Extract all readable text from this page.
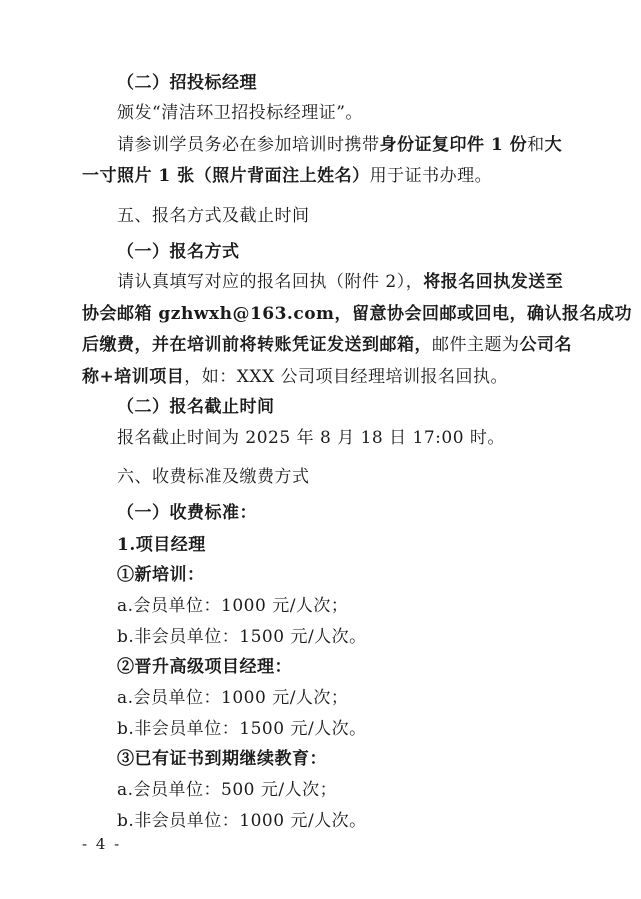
（二）招投标经理
颁发“清洁环卫招投标经理证”。
请参训学员务必在参加培训时携带身份证复印件 1 份和大
一寸照片 1 张（照片背面注上姓名）用于证书办理。
五、报名方式及截止时间
（一）报名方式
请认真填写对应的报名回执（附件 2），将报名回执发送至
协会邮箱 gzhwxh@163.com，留意协会回邮或回电，确认报名成功
后缴费，并在培训前将转账凭证发送到邮箱，邮件主题为公司名
称+培训项目，如：XXX 公司项目经理培训报名回执。
（二）报名截止时间
报名截止时间为 2025 年 8 月 18 日 17:00 时。
六、收费标准及缴费方式
（一）收费标准：
1.项目经理
①新培训：
a.会员单位：1000 元/人次；
b.非会员单位：1500 元/人次。
②晋升高级项目经理：
a.会员单位：1000 元/人次；
b.非会员单位：1500 元/人次。
③已有证书到期继续教育：
a.会员单位：500 元/人次；
b.非会员单位：1000 元/人次。
- 4 -
